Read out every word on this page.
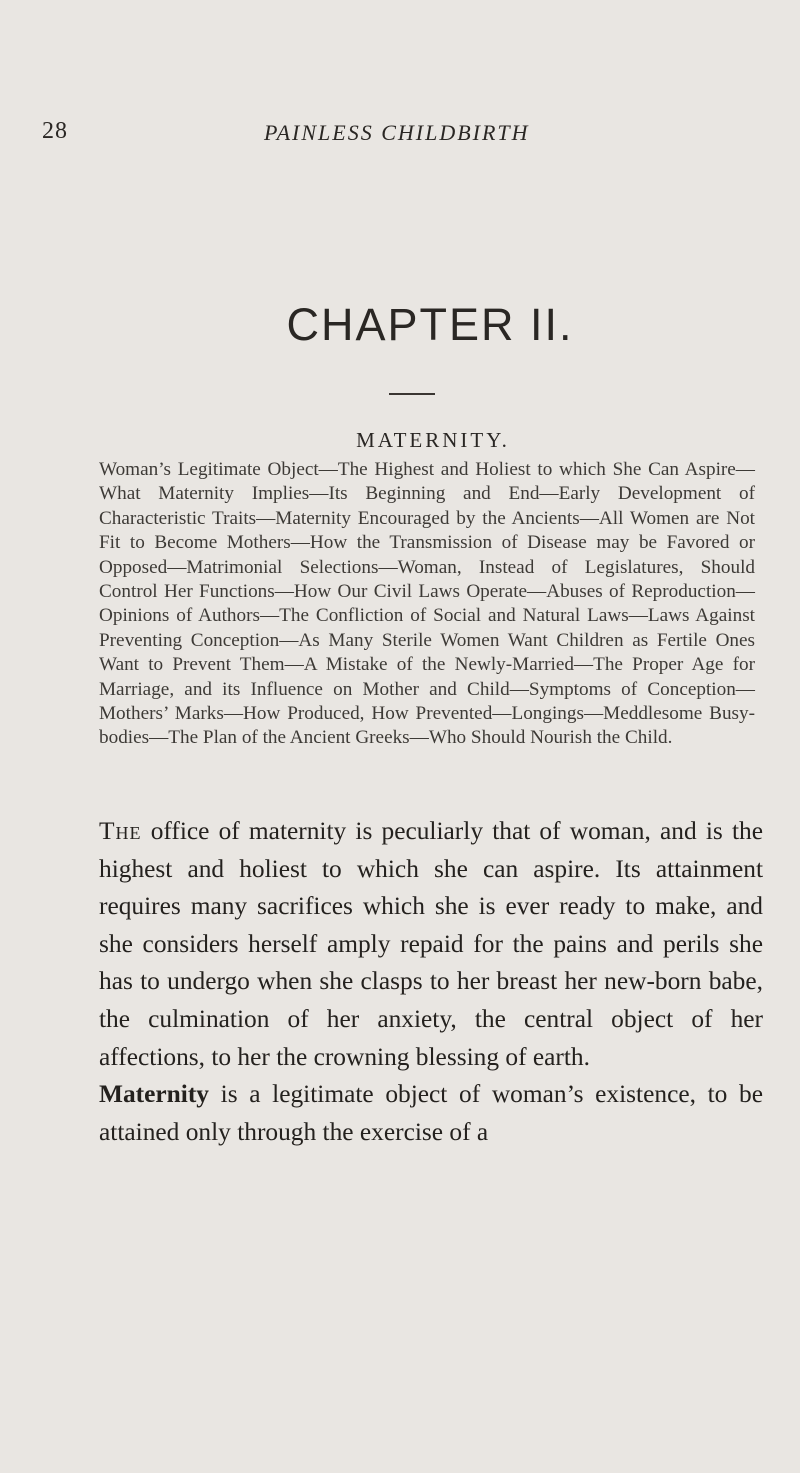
28	PAINLESS CHILDBIRTH
CHAPTER II.
MATERNITY.
Woman’s Legitimate Object—The Highest and Holiest to which She Can Aspire—What Maternity Implies—Its Beginning and End—Early Development of Characteristic Traits—Maternity Encouraged by the Ancients—All Women are Not Fit to Become Mothers—How the Transmission of Disease may be Favored or Opposed—Matrimonial Selections—Woman, Instead of Legislatures, Should Control Her Functions—How Our Civil Laws Operate—Abuses of Reproduction—Opinions of Authors—The Confliction of Social and Natural Laws—Laws Against Preventing Conception—As Many Sterile Women Want Children as Fertile Ones Want to Prevent Them—A Mistake of the Newly-Married—The Proper Age for Marriage, and its Influence on Mother and Child—Symptoms of Conception—Mothers’ Marks—How Produced, How Prevented—Longings—Meddlesome Busy-bodies—The Plan of the Ancient Greeks—Who Should Nourish the Child.

The office of maternity is peculiarly that of woman, and is the highest and holiest to which she can aspire. Its attainment requires many sacrifices which she is ever ready to make, and she considers herself amply repaid for the pains and perils she has to undergo when she clasps to her breast her new-born babe, the culmination of her anxiety, the central object of her affections, to her the crowning blessing of earth.

Maternity is a legitimate object of woman’s existence, to be attained only through the exercise of a
